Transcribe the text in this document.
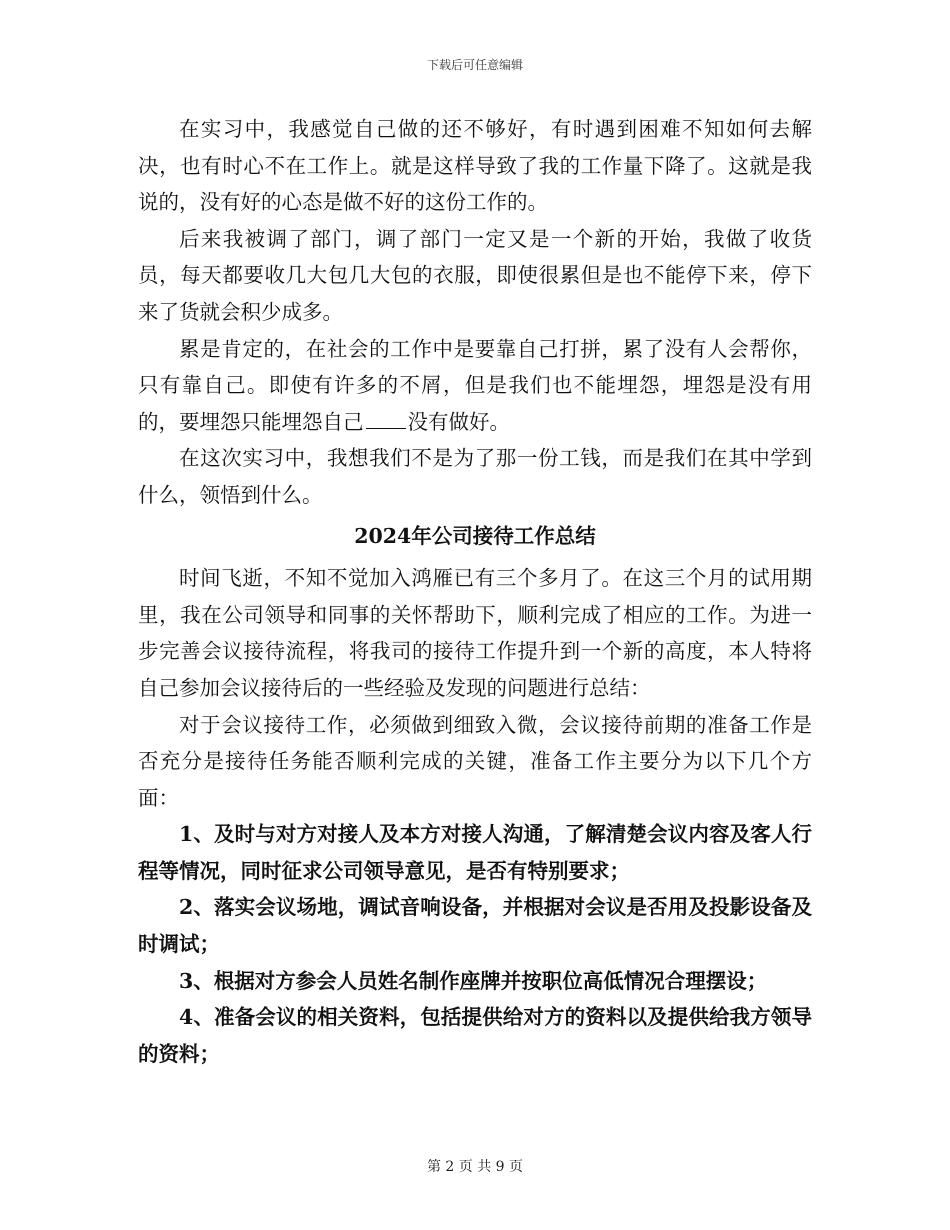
下载后可任意编辑

在实习中，我感觉自己做的还不够好，有时遇到困难不知如何去解决，也有时心不在工作上。就是这样导致了我的工作量下降了。这就是我说的，没有好的心态是做不好的这份工作的。

后来我被调了部门，调了部门一定又是一个新的开始，我做了收货员，每天都要收几大包几大包的衣服，即使很累但是也不能停下来，停下来了货就会积少成多。

累是肯定的，在社会的工作中是要靠自己打拼，累了没有人会帮你，只有靠自己。即使有许多的不屑，但是我们也不能埋怨，埋怨是没有用的，要埋怨只能埋怨自己 没有做好。

在这次实习中，我想我们不是为了那一份工钱，而是我们在其中学到什么，领悟到什么。

2024年公司接待工作总结

时间飞逝，不知不觉加入鸿雁已有三个多月了。在这三个月的试用期里，我在公司领导和同事的关怀帮助下，顺利完成了相应的工作。为进一步完善会议接待流程，将我司的接待工作提升到一个新的高度，本人特将自己参加会议接待后的一些经验及发现的问题进行总结：

对于会议接待工作，必须做到细致入微，会议接待前期的准备工作是否充分是接待任务能否顺利完成的关键，准备工作主要分为以下几个方面：

1、及时与对方对接人及本方对接人沟通，了解清楚会议内容及客人行程等情况，同时征求公司领导意见，是否有特别要求；

2、落实会议场地，调试音响设备，并根据对会议是否用及投影设备及时调试；

3、根据对方参会人员姓名制作座牌并按职位高低情况合理摆设；

4、准备会议的相关资料，包括提供给对方的资料以及提供给我方领导的资料；

第 2 页 共 9 页
